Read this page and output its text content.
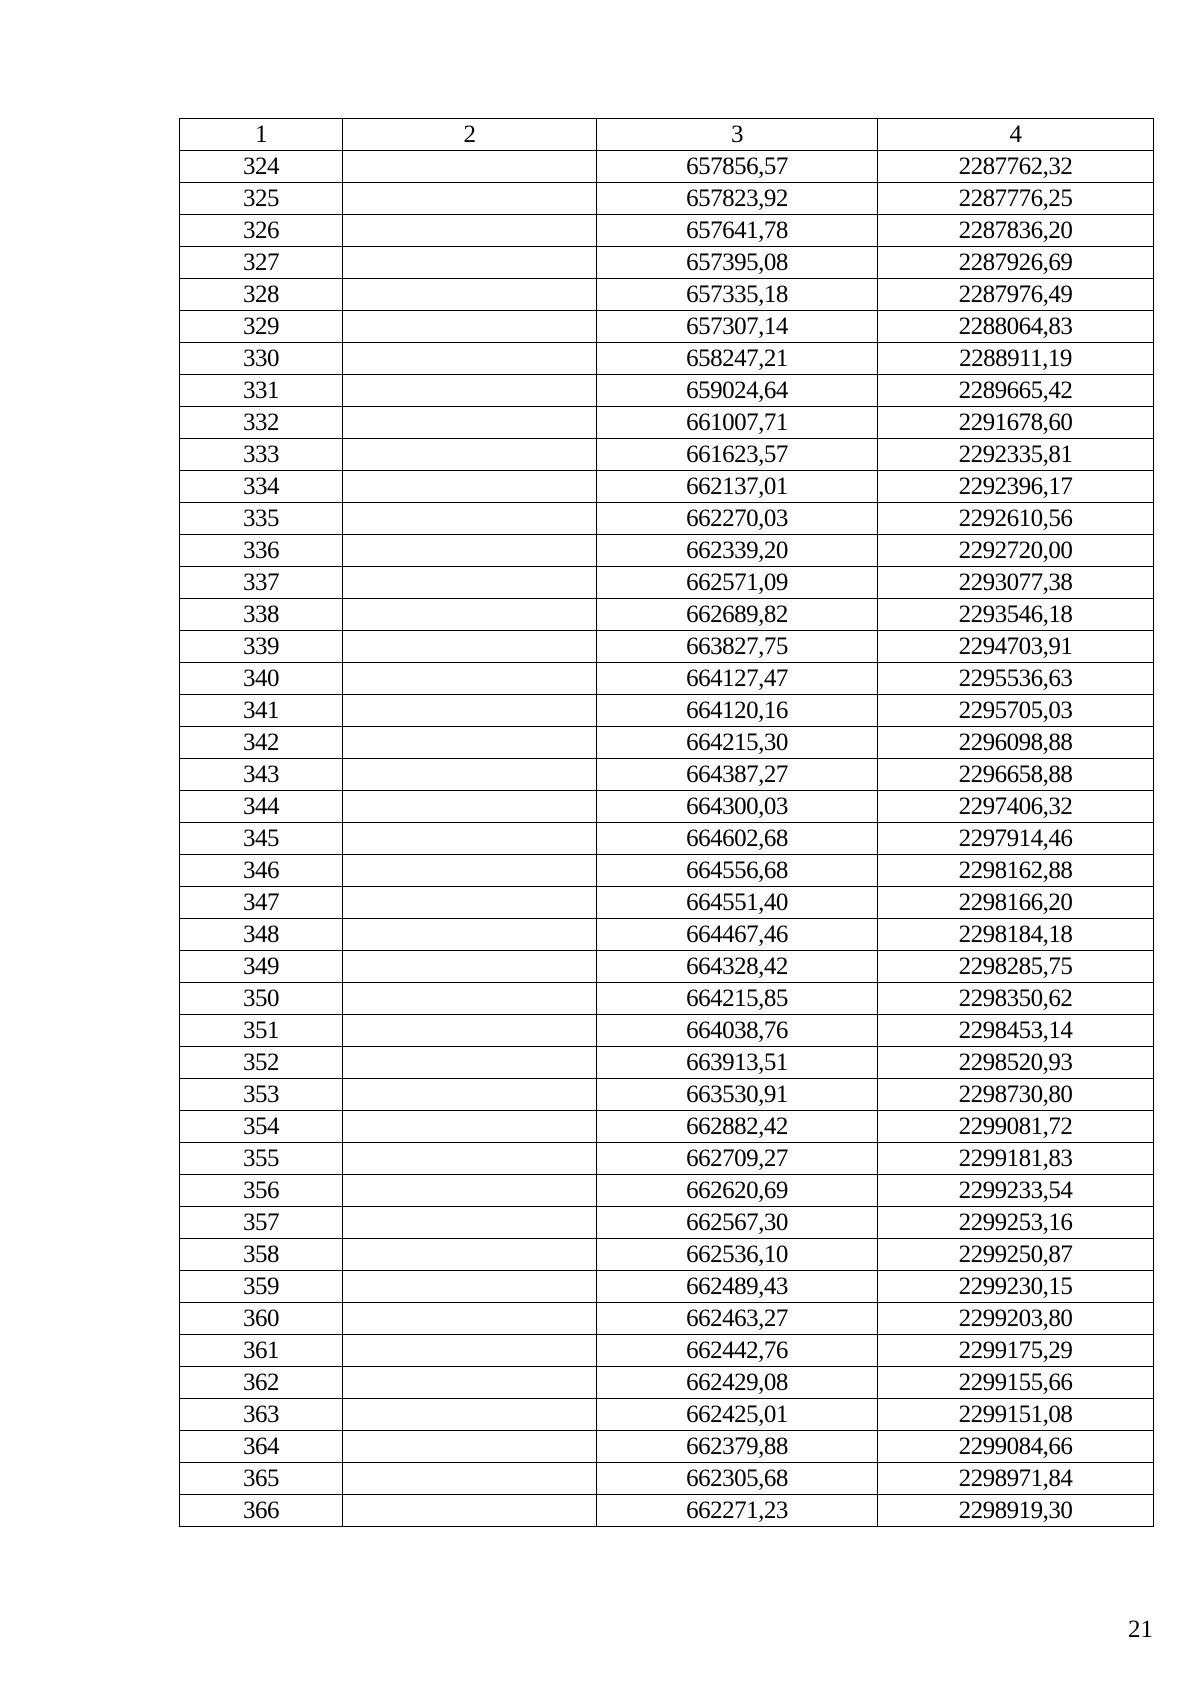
1	2	3	4
324		657856,57	2287762,32
325		657823,92	2287776,25
326		657641,78	2287836,20
327		657395,08	2287926,69
328		657335,18	2287976,49
329		657307,14	2288064,83
330		658247,21	2288911,19
331		659024,64	2289665,42
332		661007,71	2291678,60
333		661623,57	2292335,81
334		662137,01	2292396,17
335		662270,03	2292610,56
336		662339,20	2292720,00
337		662571,09	2293077,38
338		662689,82	2293546,18
339		663827,75	2294703,91
340		664127,47	2295536,63
341		664120,16	2295705,03
342		664215,30	2296098,88
343		664387,27	2296658,88
344		664300,03	2297406,32
345		664602,68	2297914,46
346		664556,68	2298162,88
347		664551,40	2298166,20
348		664467,46	2298184,18
349		664328,42	2298285,75
350		664215,85	2298350,62
351		664038,76	2298453,14
352		663913,51	2298520,93
353		663530,91	2298730,80
354		662882,42	2299081,72
355		662709,27	2299181,83
356		662620,69	2299233,54
357		662567,30	2299253,16
358		662536,10	2299250,87
359		662489,43	2299230,15
360		662463,27	2299203,80
361		662442,76	2299175,29
362		662429,08	2299155,66
363		662425,01	2299151,08
364		662379,88	2299084,66
365		662305,68	2298971,84
366		662271,23	2298919,30
21
